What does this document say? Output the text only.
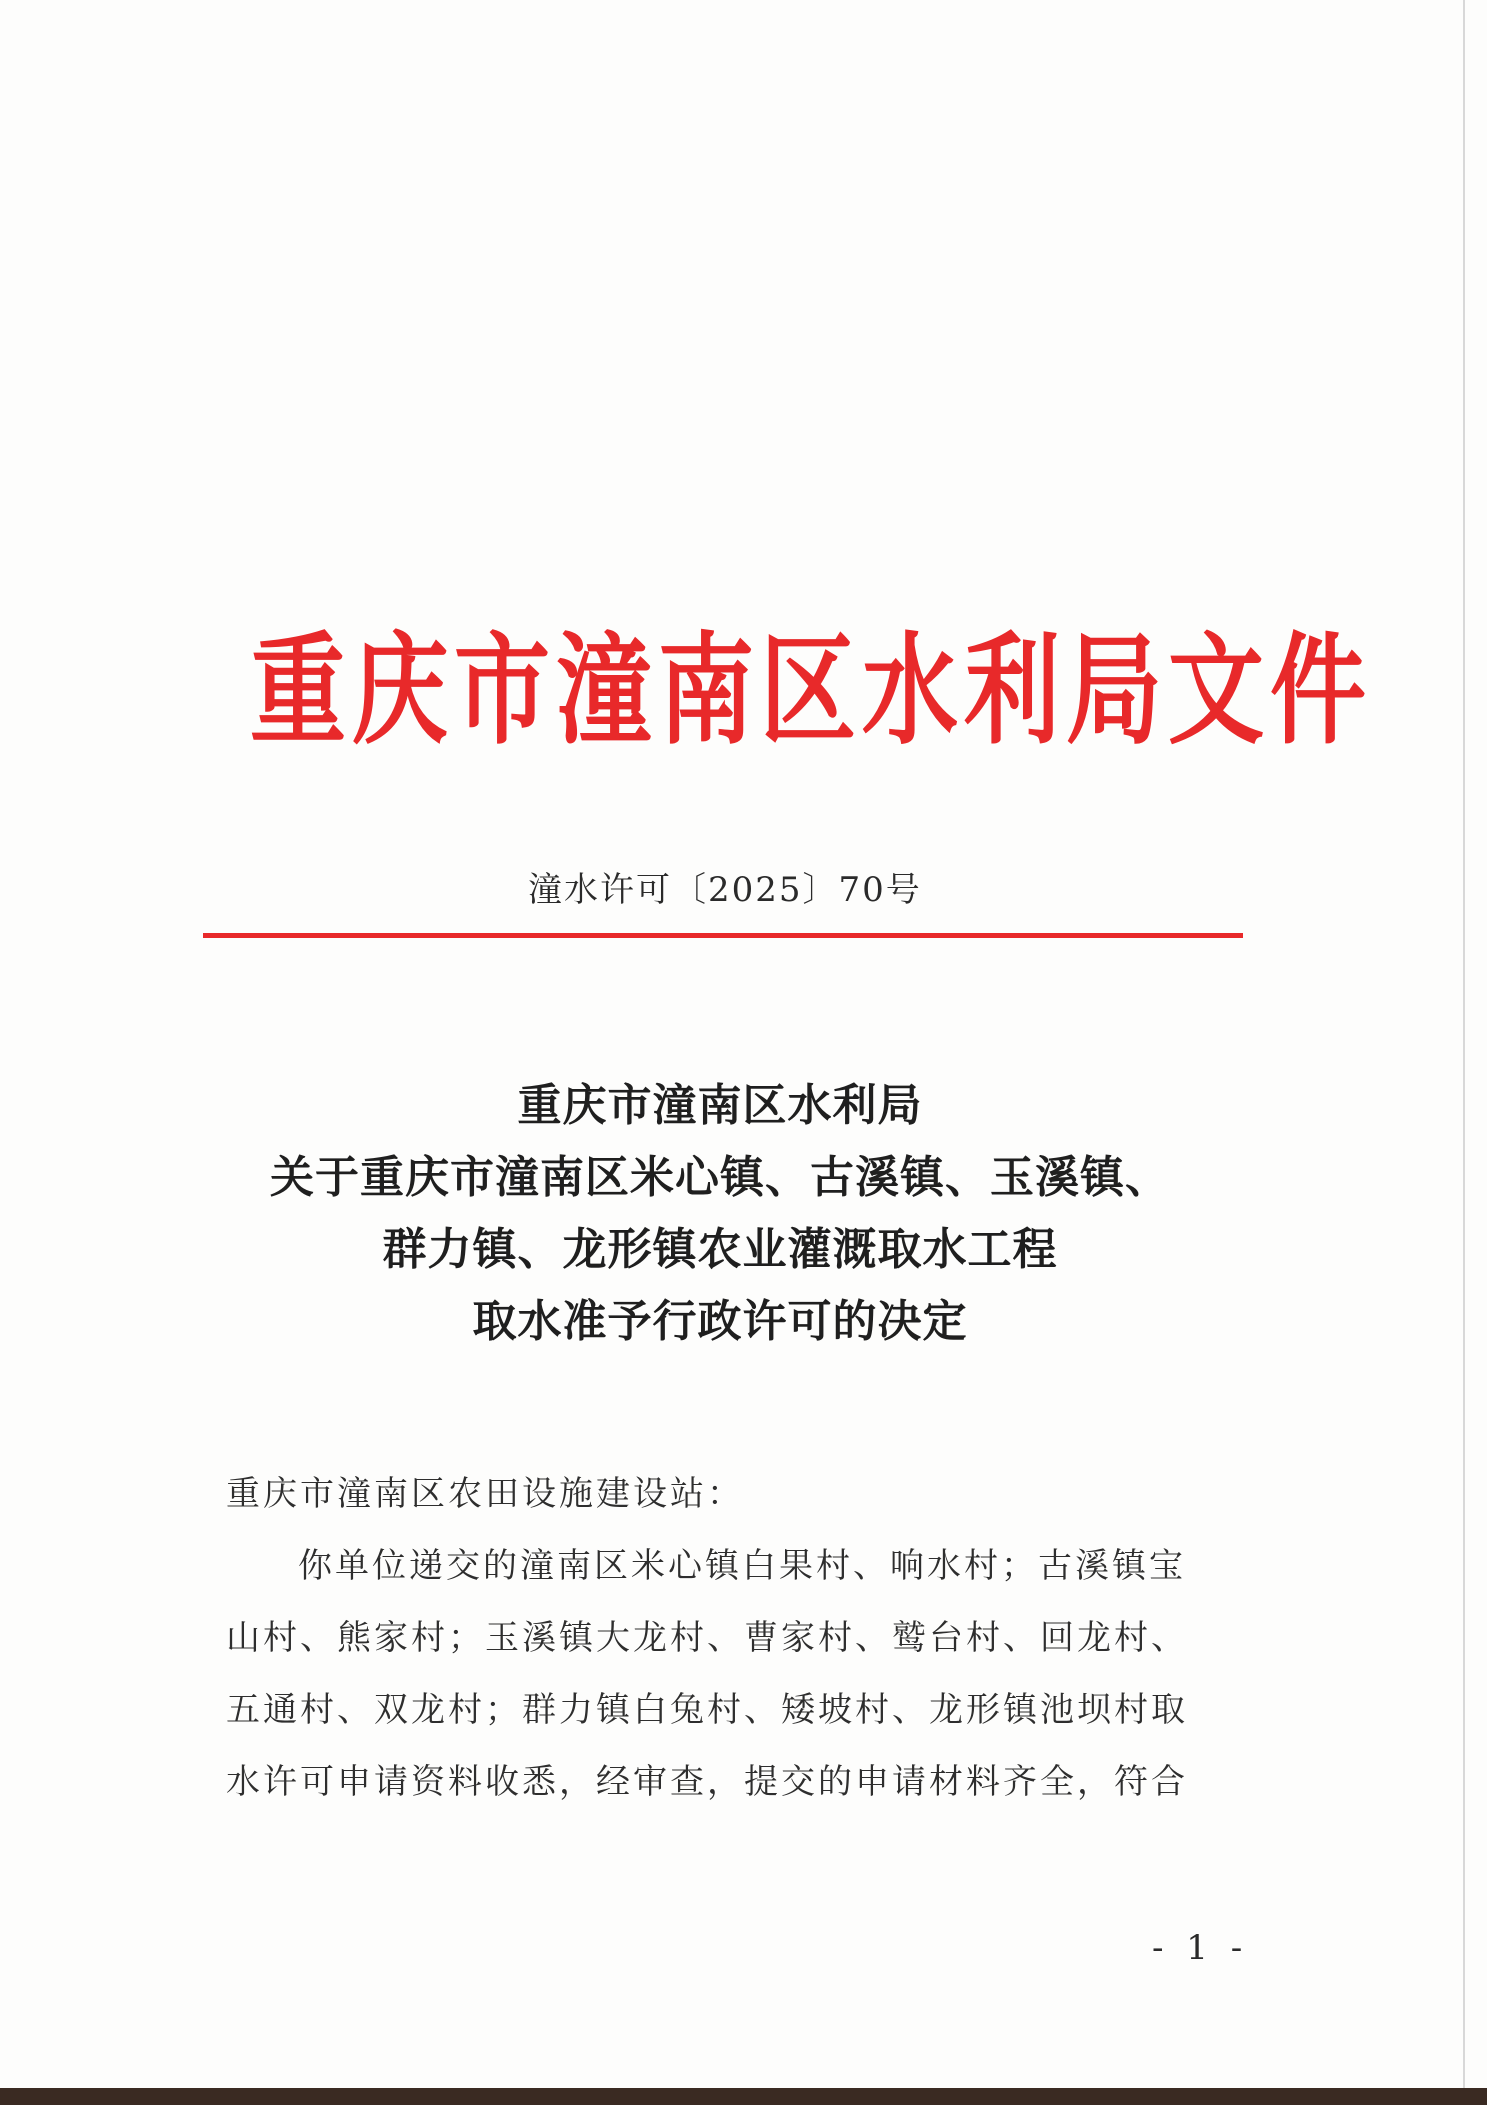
重庆市潼南区水利局文件
潼水许可〔2025〕70号
重庆市潼南区水利局
关于重庆市潼南区米心镇、古溪镇、玉溪镇、
群力镇、龙形镇农业灌溉取水工程
取水准予行政许可的决定
重庆市潼南区农田设施建设站：
你单位递交的潼南区米心镇白果村、响水村；古溪镇宝
山村、熊家村；玉溪镇大龙村、曹家村、鹫台村、回龙村、
五通村、双龙村；群力镇白兔村、矮坡村、龙形镇池坝村取
水许可申请资料收悉，经审查，提交的申请材料齐全，符合
- 1 -
